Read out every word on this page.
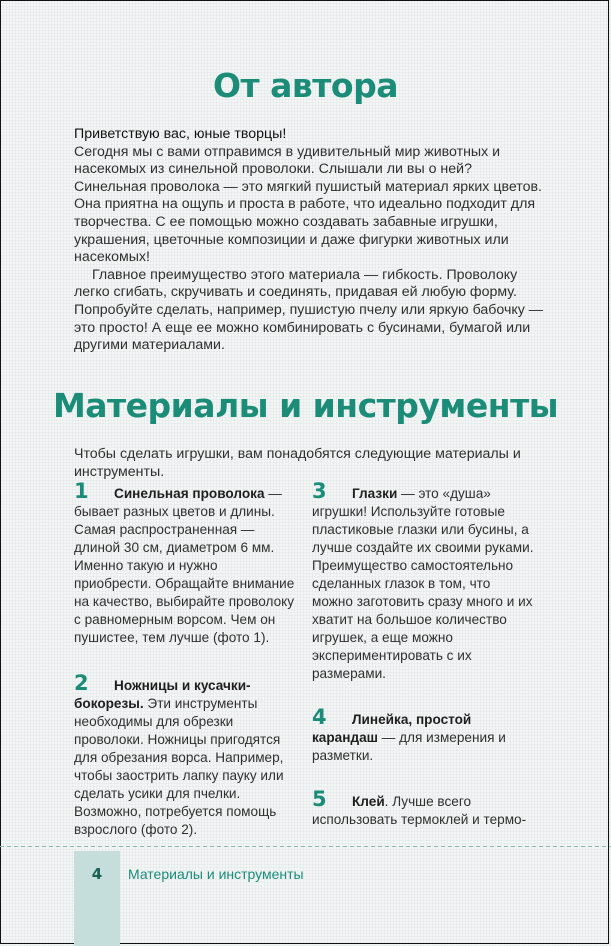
От автора

Приветствую вас, юные творцы!

Сегодня мы с вами отправимся в удивительный мир животных и насекомых из синельной проволоки. Слышали ли вы о ней? Синельная проволока — это мягкий пушистый материал ярких цветов. Она приятна на ощупь и проста в работе, что идеально подходит для творчества. С ее помощью можно создавать забавные игрушки, украшения, цветочные композиции и даже фигурки животных или насекомых!

Главное преимущество этого материала — гибкость. Проволоку легко сгибать, скручивать и соединять, придавая ей любую форму. Попробуйте сделать, например, пушистую пчелу или яркую бабочку — это просто! А еще ее можно комбинировать с бусинами, бумагой или другими материалами.

Материалы и инструменты

Чтобы сделать игрушки, вам понадобятся следующие материалы и инструменты.

1 Синельная проволока — бывает разных цветов и длины. Самая распространенная — длиной 30 см, диаметром 6 мм. Именно такую и нужно приобрести. Обращайте внимание на качество, выбирайте проволоку с равномерным ворсом. Чем он пушистее, тем лучше (фото 1).

2 Ножницы и кусачки-бокорезы. Эти инструменты необходимы для обрезки проволоки. Ножницы пригодятся для обрезания ворса. Например, чтобы заострить лапку пауку или сделать усики для пчелки. Возможно, потребуется помощь взрослого (фото 2).

3 Глазки — это «душа» игрушки! Используйте готовые пластиковые глазки или бусины, а лучше создайте их своими руками. Преимущество самостоятельно сделанных глазок в том, что можно заготовить сразу много и их хватит на большое количество игрушек, а еще можно экспериментировать с их размерами.

4 Линейка, простой карандаш — для измерения и разметки.

5 Клей. Лучше всего использовать термоклей и термо-

4	Материалы и инструменты
